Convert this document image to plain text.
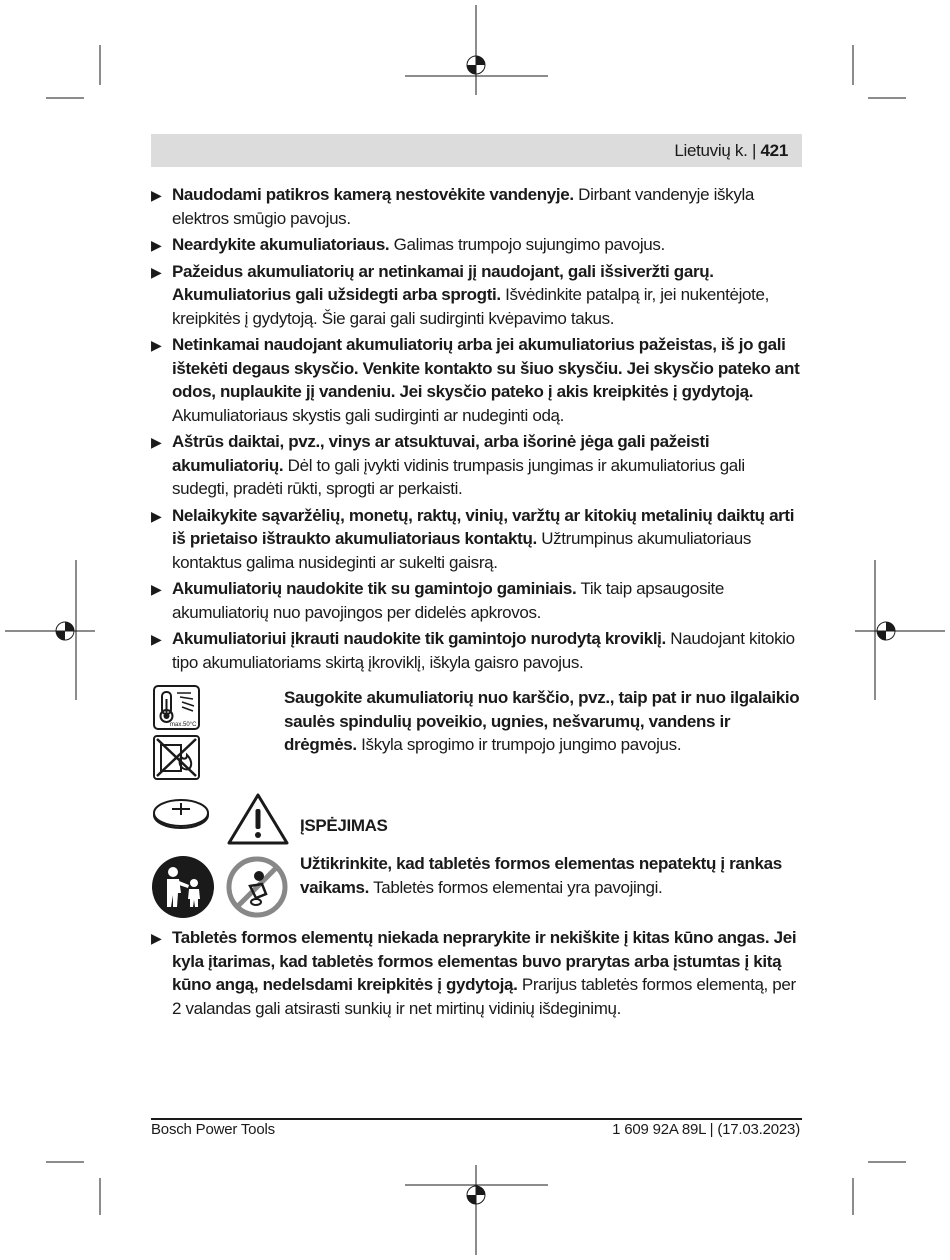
Lietuvių k. | 421
▶ Naudodami patikros kamerą nestovėkite vandenyje. Dirbant vandenyje iškyla elektros smūgio pavojus.
▶ Neardykite akumuliatoriaus. Galimas trumpojo sujungimo pavojus.
▶ Pažeidus akumuliatorių ar netinkamai jį naudojant, gali išsiveržti garų. Akumuliatorius gali užsidegti arba sprogti. Išvėdinkite patalpą ir, jei nukentėjote, kreipkitės į gydytoją. Šie garai gali sudirginti kvėpavimo takus.
▶ Netinkamai naudojant akumuliatorių arba jei akumuliatorius pažeistas, iš jo gali ištekėti degaus skysčio. Venkite kontakto su šiuo skysčiu. Jei skysčio pateko ant odos, nuplaukite jį vandeniu. Jei skysčio pateko į akis kreipkitės į gydytoją. Akumuliatoriaus skystis gali sudirginti ar nudeginti odą.
▶ Aštrūs daiktai, pvz., vinys ar atsuktuvai, arba išorinė jėga gali pažeisti akumuliatorių. Dėl to gali įvykti vidinis trumpasis jungimas ir akumuliatorius gali sudegti, pradėti rūkti, sprogti ar perkaisti.
▶ Nelaikykite sąvaržėlių, monetų, raktų, vinių, varžtų ar kitokių metalinių daiktų arti iš prietaiso ištraukto akumuliatoriaus kontaktų. Užtrumpinus akumuliatoriaus kontaktus galima nusideginti ar sukelti gaisrą.
▶ Akumuliatorių naudokite tik su gamintojo gaminiais. Tik taip apsaugosite akumuliatorių nuo pavojingos per didelės apkrovos.
▶ Akumuliatoriui įkrauti naudokite tik gamintojo nurodytą kroviklį. Naudojant kitokio tipo akumuliatoriams skirtą įkroviklį, iškyla gaisro pavojus.
max.50°C
Saugokite akumuliatorių nuo karščio, pvz., taip pat ir nuo ilgalaikio saulės spindulių poveikio, ugnies, nešvarumų, vandens ir drėgmės. Iškyla sprogimo ir trumpojo jungimo pavojus.
ĮSPĖJIMAS
Užtikrinkite, kad tabletės formos elementas nepatektų į rankas vaikams. Tabletės formos elementai yra pavojingi.
▶ Tabletės formos elementų niekada neprarykite ir nekiškite į kitas kūno angas. Jei kyla įtarimas, kad tabletės formos elementas buvo prarytas arba įstumtas į kitą kūno angą, nedelsdami kreipkitės į gydytoją. Prarijus tabletės formos elementą, per 2 valandas gali atsirasti sunkių ir net mirtinų vidinių išdeginimų.
Bosch Power Tools	1 609 92A 89L | (17.03.2023)
